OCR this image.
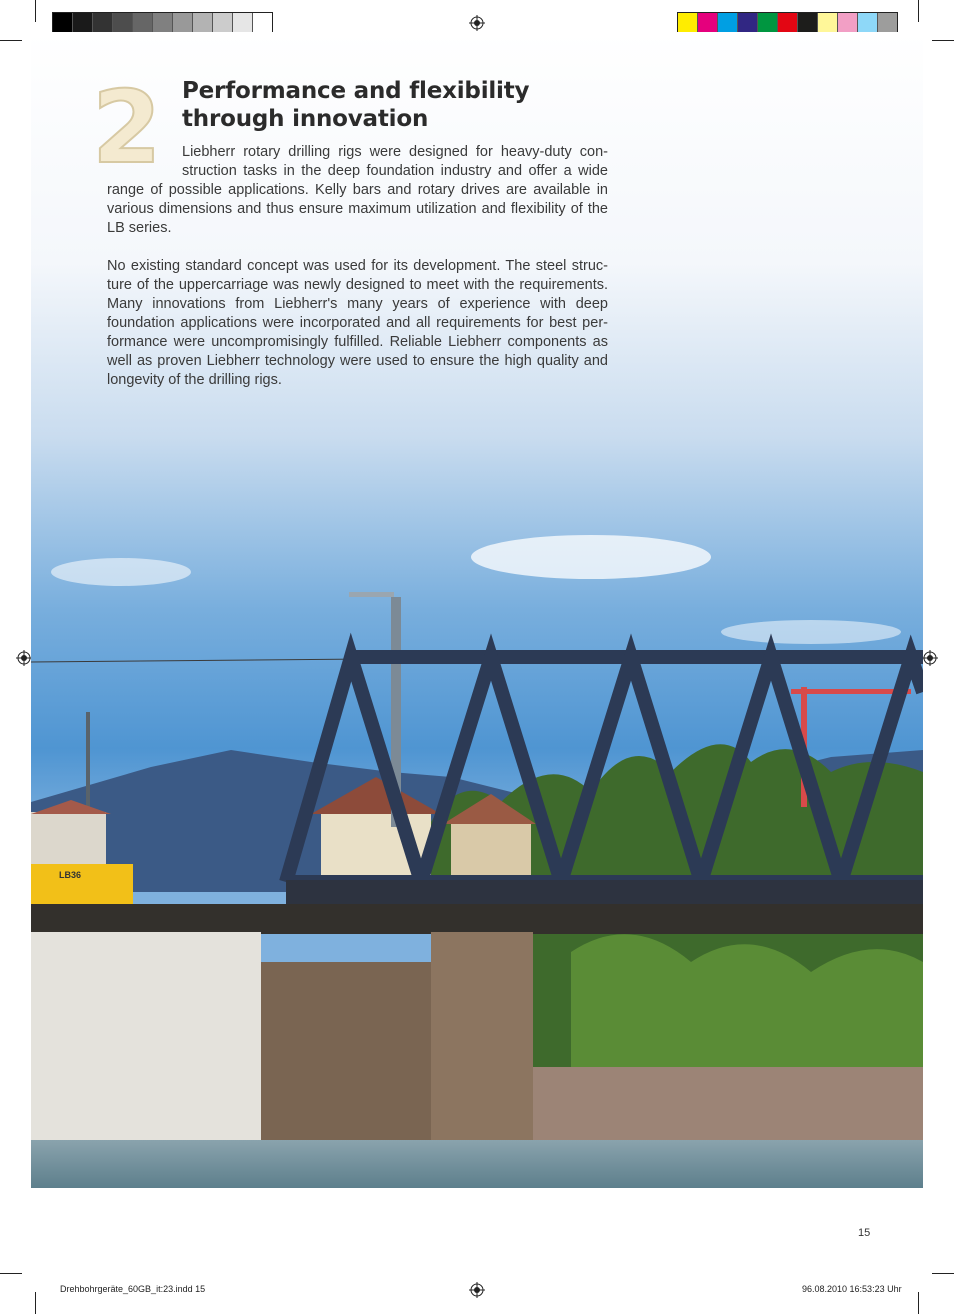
LB36
2 Performance and flexibility
through innovation

Liebherr rotary drilling rigs were designed for heavy-duty construction tasks in the deep foundation industry and offer a wide range of possible applications. Kelly bars and rotary drives are available in various dimensions and thus ensure maximum utilization and flexibility of the LB series.

No existing standard concept was used for its development. The steel structure of the uppercarriage was newly designed to meet with the requirements. Many innovations from Liebherr's many years of experience with deep foundation applications were incorporated and all requirements for best performance were uncompromisingly fulfilled. Reliable Liebherr components as well as proven Liebherr technology were used to ensure the high quality and longevity of the drilling rigs.

15
Drehbohrgeräte_60GB_it:23.indd 15	96.08.2010 16:53:23 Uhr
